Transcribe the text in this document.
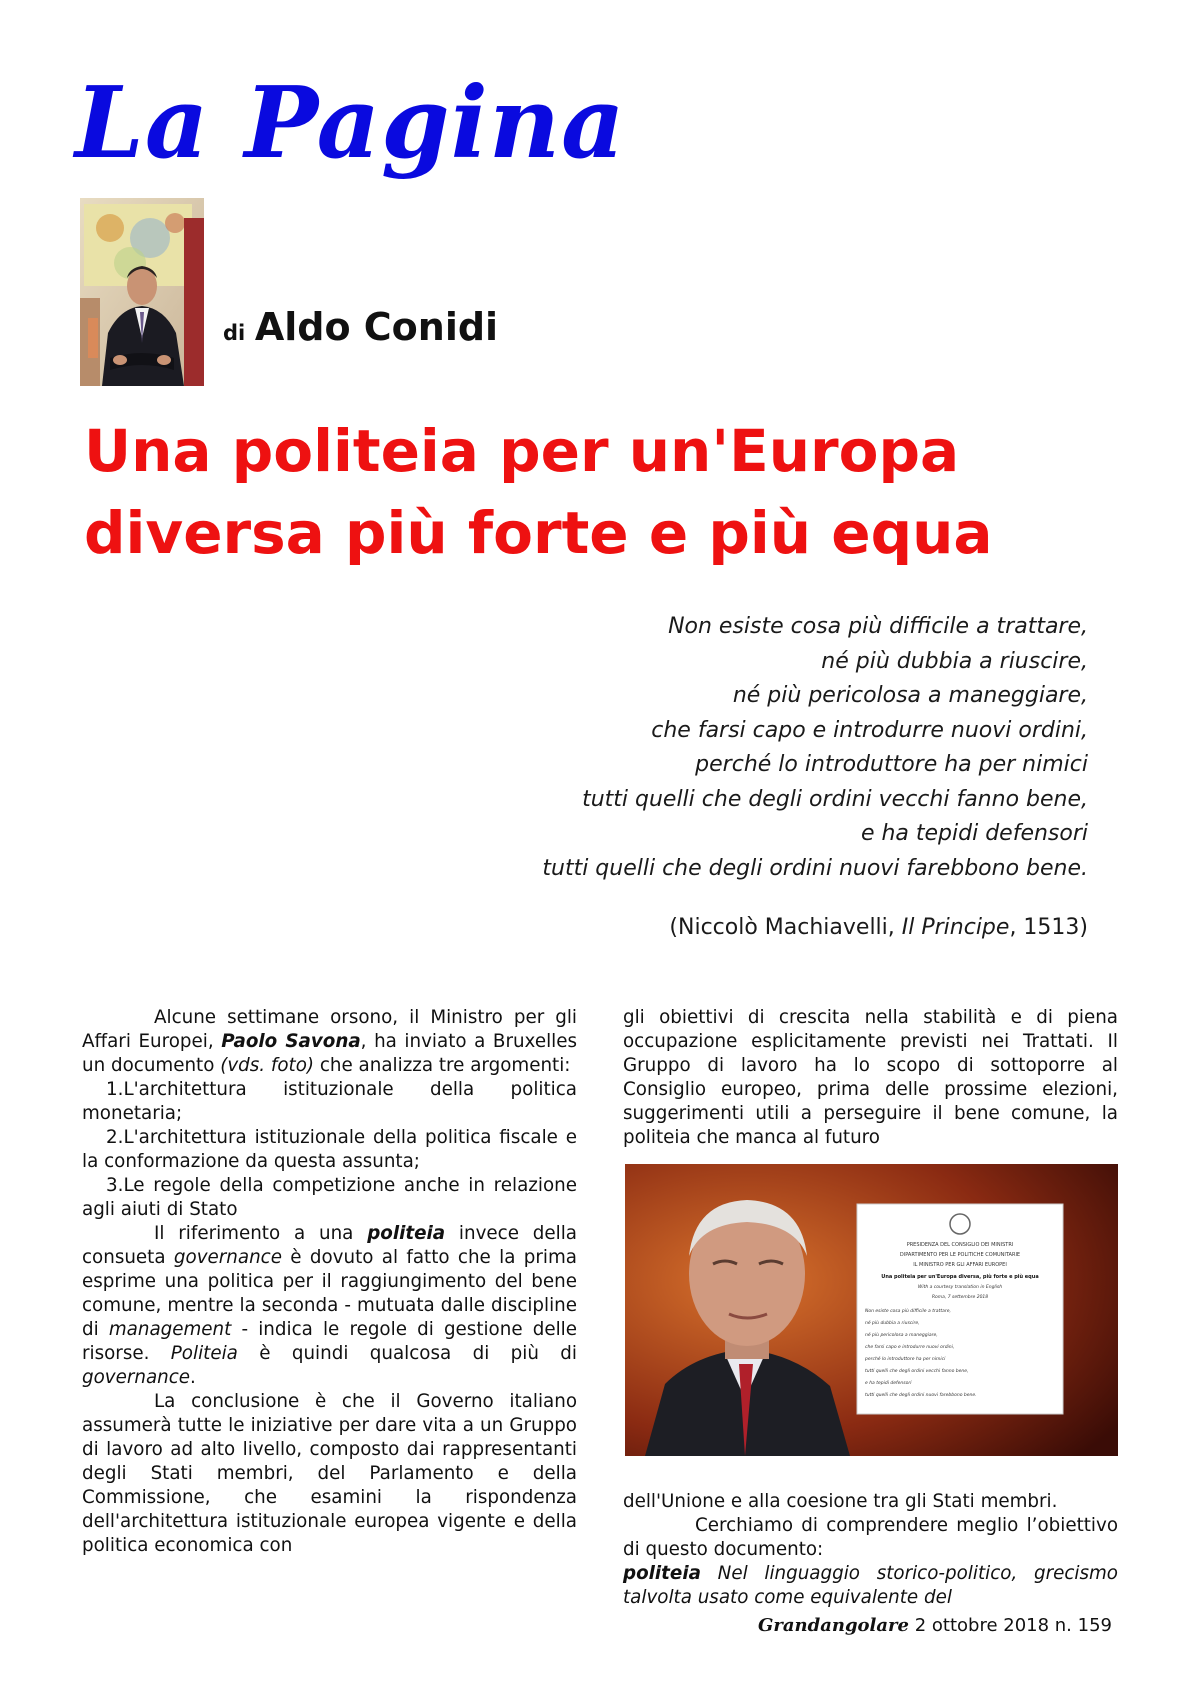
La Pagina
di Aldo Conidi
Una politeia per un'Europa
diversa più forte e più equa
Non esiste cosa più difficile a trattare,
né più dubbia a riuscire,
né più pericolosa a maneggiare,
che farsi capo e introdurre nuovi ordini,
perché lo introduttore ha per nimici
tutti quelli che degli ordini vecchi fanno bene,
e ha tepidi defensori
tutti quelli che degli ordini nuovi farebbono bene.
(Niccolò Machiavelli, Il Principe, 1513)

Alcune settimane orsono, il Ministro per gli Affari Europei, Paolo Savona, ha inviato a Bruxelles un documento (vds. foto) che analizza tre argomenti:

1.L'architettura istituzionale della politica monetaria;

2.L'architettura istituzionale della politica fiscale e la conformazione da questa assunta;

3.Le regole della competizione anche in relazione agli aiuti di Stato

Il riferimento a una politeia invece della consueta governance è dovuto al fatto che la prima esprime una politica per il raggiungimento del bene comune, mentre la seconda - mutuata dalle discipline di management - indica le regole di gestione delle risorse. Politeia è quindi qualcosa di più di governance.

La conclusione è che il Governo italiano assumerà tutte le iniziative per dare vita a un Gruppo di lavoro ad alto livello, composto dai rappresentanti degli Stati membri, del Parlamento e della Commissione, che esamini la rispondenza dell'architettura istituzionale europea vigente e della politica economica con

gli obiettivi di crescita nella stabilità e di piena occupazione esplicitamente previsti nei Trattati. Il Gruppo di lavoro ha lo scopo di sottoporre al Consiglio europeo, prima delle prossime elezioni, suggerimenti utili a perseguire il bene comune, la politeia che manca al futuro

PRESIDENZA DEL CONSIGLIO DEI MINISTRI
DIPARTIMENTO PER LE POLITICHE COMUNITARIE
IL MINISTRO PER GLI AFFARI EUROPEI
Una politeia per un'Europa diversa, più forte e più equa
With a courtesy translation in English
Roma, 7 settembre 2018
Non esiste cosa più difficile a trattare,
né più dubbia a riuscire,
né più pericolosa a maneggiare,
che farsi capo e introdurre nuovi ordini,
perché lo introduttore ha per nimici
tutti quelli che degli ordini vecchi fanno bene,
e ha tepidi defensori
tutti quelli che degli ordini nuovi farebbono bene.

dell'Unione e alla coesione tra gli Stati membri.

Cerchiamo di comprendere meglio l’obiettivo di questo documento:

politeia Nel linguaggio storico-politico, grecismo talvolta usato come equivalente del

Grandangolare 2 ottobre 2018 n. 159
